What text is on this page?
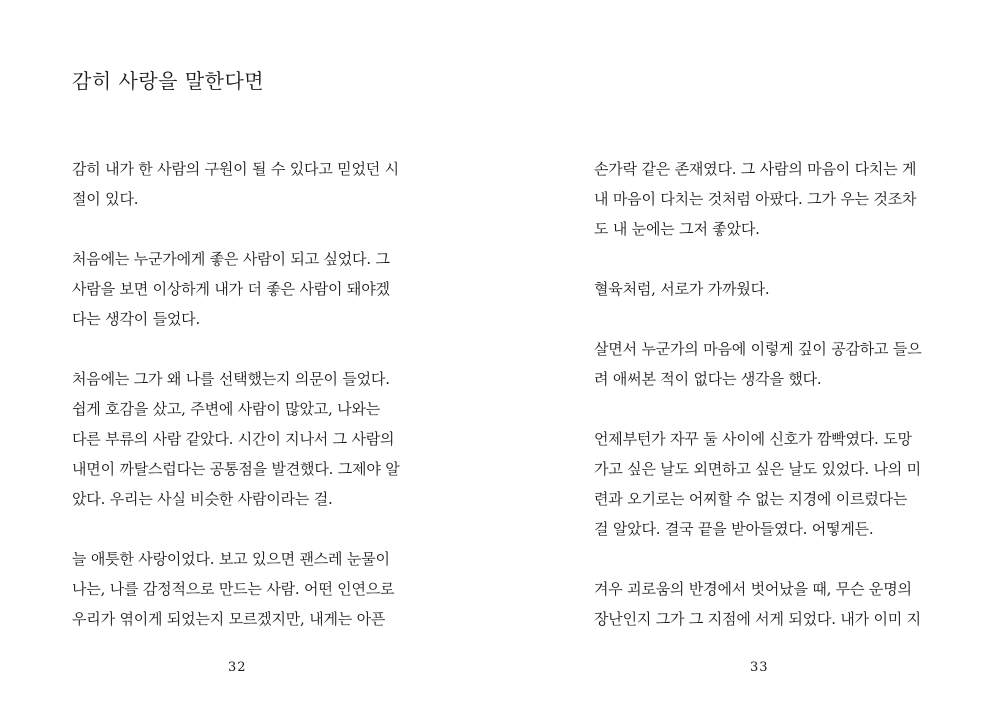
감히 사랑을 말한다면

감히 내가 한 사람의 구원이 될 수 있다고 믿었던 시
절이 있다.

처음에는 누군가에게 좋은 사람이 되고 싶었다. 그
사람을 보면 이상하게 내가 더 좋은 사람이 돼야겠
다는 생각이 들었다.

처음에는 그가 왜 나를 선택했는지 의문이 들었다.
쉽게 호감을 샀고, 주변에 사람이 많았고, 나와는
다른 부류의 사람 같았다. 시간이 지나서 그 사람의
내면이 까탈스럽다는 공통점을 발견했다. 그제야 알
았다. 우리는 사실 비슷한 사람이라는 걸.

늘 애틋한 사랑이었다. 보고 있으면 괜스레 눈물이
나는, 나를 감정적으로 만드는 사람. 어떤 인연으로
우리가 엮이게 되었는지 모르겠지만, 내게는 아픈

32

손가락 같은 존재였다. 그 사람의 마음이 다치는 게
내 마음이 다치는 것처럼 아팠다. 그가 우는 것조차
도 내 눈에는 그저 좋았다.

혈육처럼, 서로가 가까웠다.

살면서 누군가의 마음에 이렇게 깊이 공감하고 들으
려 애써본 적이 없다는 생각을 했다.

언제부턴가 자꾸 둘 사이에 신호가 깜빡였다. 도망
가고 싶은 날도 외면하고 싶은 날도 있었다. 나의 미
련과 오기로는 어찌할 수 없는 지경에 이르렀다는
걸 알았다. 결국 끝을 받아들였다. 어떻게든.

겨우 괴로움의 반경에서 벗어났을 때, 무슨 운명의
장난인지 그가 그 지점에 서게 되었다. 내가 이미 지

33
